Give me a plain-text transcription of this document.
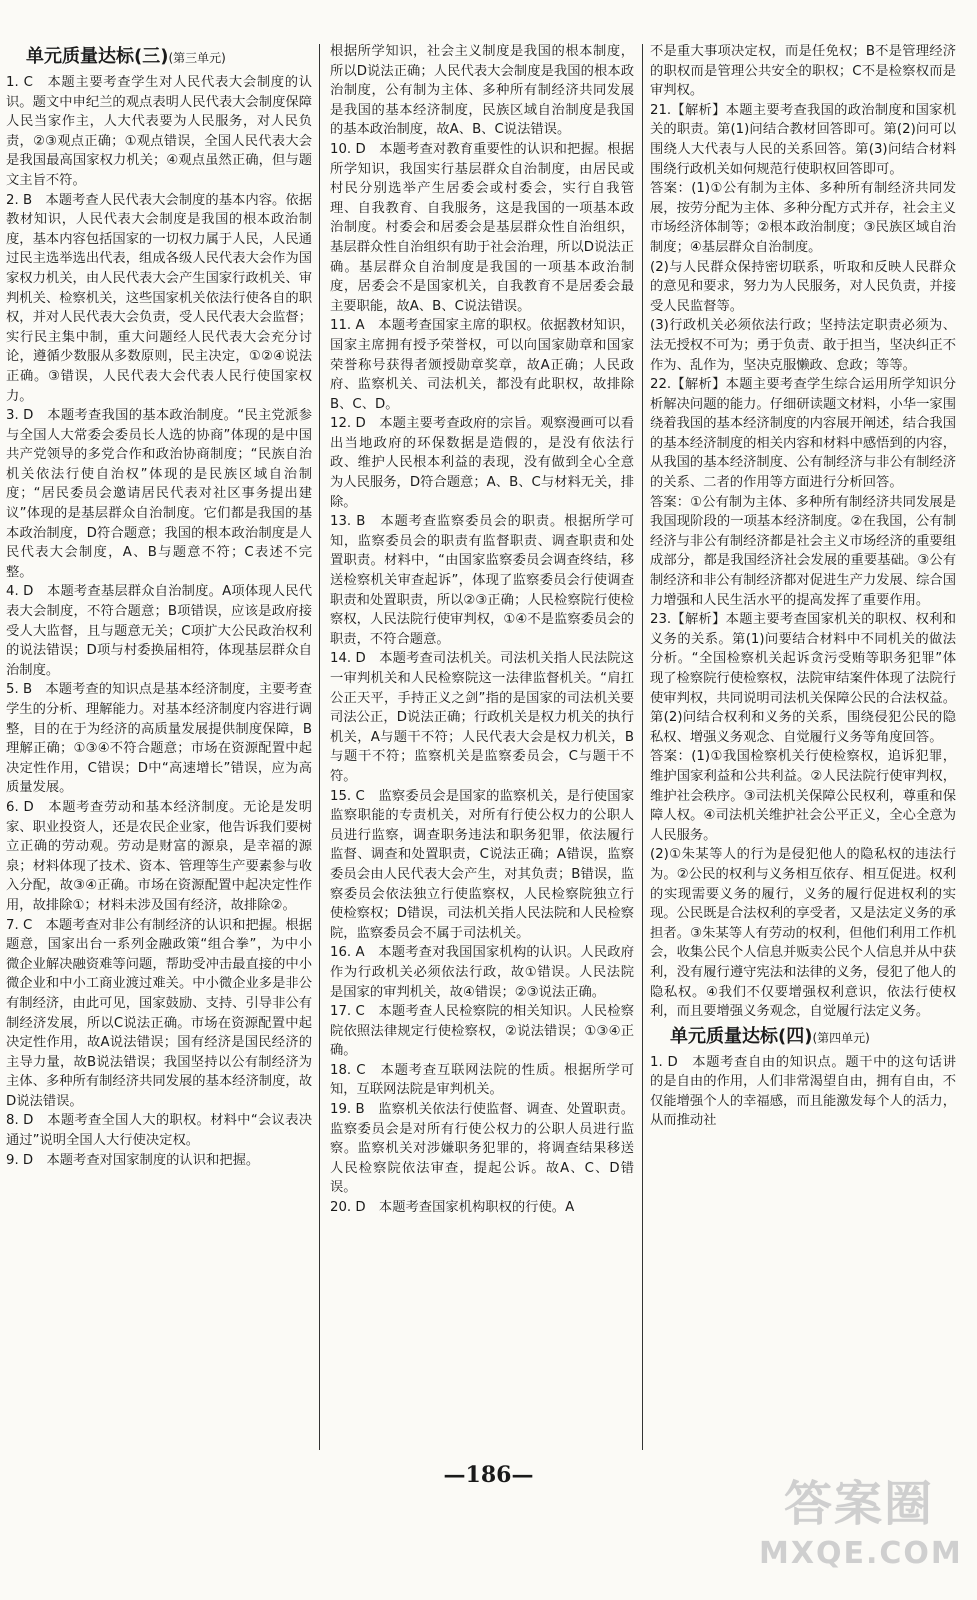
单元质量达标(三)(第三单元)

1. C　本题主要考查学生对人民代表大会制度的认识。题文中申纪兰的观点表明人民代表大会制度保障人民当家作主，人大代表要为人民服务，对人民负责，②③观点正确；①观点错误，全国人民代表大会是我国最高国家权力机关；④观点虽然正确，但与题文主旨不符。

2. B　本题考查人民代表大会制度的基本内容。依据教材知识，人民代表大会制度是我国的根本政治制度，基本内容包括国家的一切权力属于人民，人民通过民主选举选出代表，组成各级人民代表大会作为国家权力机关，由人民代表大会产生国家行政机关、审判机关、检察机关，这些国家机关依法行使各自的职权，并对人民代表大会负责，受人民代表大会监督；实行民主集中制，重大问题经人民代表大会充分讨论，遵循少数服从多数原则，民主决定，①②④说法正确。③错误，人民代表大会代表人民行使国家权力。

3. D　本题考查我国的基本政治制度。“民主党派参与全国人大常委会委员长人选的协商”体现的是中国共产党领导的多党合作和政治协商制度；“民族自治机关依法行使自治权”体现的是民族区域自治制度；“居民委员会邀请居民代表对社区事务提出建议”体现的是基层群众自治制度。它们都是我国的基本政治制度，D符合题意；我国的根本政治制度是人民代表大会制度，A、B与题意不符；C表述不完整。

4. D　本题考查基层群众自治制度。A项体现人民代表大会制度，不符合题意；B项错误，应该是政府接受人大监督，且与题意无关；C项扩大公民政治权利的说法错误；D项与村委换届相符，体现基层群众自治制度。

5. B　本题考查的知识点是基本经济制度，主要考查学生的分析、理解能力。对基本经济制度内容进行调整，目的在于为经济的高质量发展提供制度保障，B理解正确；①③④不符合题意；市场在资源配置中起决定性作用，C错误；D中“高速增长”错误，应为高质量发展。

6. D　本题考查劳动和基本经济制度。无论是发明家、职业投资人，还是农民企业家，他告诉我们要树立正确的劳动观。劳动是财富的源泉，是幸福的源泉；材料体现了技术、资本、管理等生产要素参与收入分配，故③④正确。市场在资源配置中起决定性作用，故排除①；材料未涉及国有经济，故排除②。

7. C　本题考查对非公有制经济的认识和把握。根据题意，国家出台一系列金融政策“组合拳”，为中小微企业解决融资难等问题，帮助受冲击最直接的中小微企业和中小工商业渡过难关。中小微企业多是非公有制经济，由此可见，国家鼓励、支持、引导非公有制经济发展，所以C说法正确。市场在资源配置中起决定性作用，故A说法错误；国有经济是国民经济的主导力量，故B说法错误；我国坚持以公有制经济为主体、多种所有制经济共同发展的基本经济制度，故D说法错误。

8. D　本题考查全国人大的职权。材料中“会议表决通过”说明全国人大行使决定权。

9. D　本题考查对国家制度的认识和把握。

根据所学知识，社会主义制度是我国的根本制度，所以D说法正确；人民代表大会制度是我国的根本政治制度，公有制为主体、多种所有制经济共同发展是我国的基本经济制度，民族区域自治制度是我国的基本政治制度，故A、B、C说法错误。

10. D　本题考查对教育重要性的认识和把握。根据所学知识，我国实行基层群众自治制度，由居民或村民分别选举产生居委会或村委会，实行自我管理、自我教育、自我服务，这是我国的一项基本政治制度。村委会和居委会是基层群众性自治组织，基层群众性自治组织有助于社会治理，所以D说法正确。基层群众自治制度是我国的一项基本政治制度，居委会不是国家机关，自我教育不是居委会最主要职能，故A、B、C说法错误。

11. A　本题考查国家主席的职权。依据教材知识，国家主席拥有授予荣誉权，可以向国家勋章和国家荣誉称号获得者颁授勋章奖章，故A正确；人民政府、监察机关、司法机关，都没有此职权，故排除B、C、D。

12. D　本题主要考查政府的宗旨。观察漫画可以看出当地政府的环保数据是造假的，是没有依法行政、维护人民根本利益的表现，没有做到全心全意为人民服务，D符合题意；A、B、C与材料无关，排除。

13. B　本题考查监察委员会的职责。根据所学可知，监察委员会的职责有监督职责、调查职责和处置职责。材料中，“由国家监察委员会调查终结，移送检察机关审查起诉”，体现了监察委员会行使调查职责和处置职责，所以②③正确；人民检察院行使检察权，人民法院行使审判权，①④不是监察委员会的职责，不符合题意。

14. D　本题考查司法机关。司法机关指人民法院这一审判机关和人民检察院这一法律监督机关。“肩扛公正天平，手持正义之剑”指的是国家的司法机关要司法公正，D说法正确；行政机关是权力机关的执行机关，A与题干不符；人民代表大会是权力机关，B与题干不符；监察机关是监察委员会，C与题干不符。

15. C　监察委员会是国家的监察机关，是行使国家监察职能的专责机关，对所有行使公权力的公职人员进行监察，调查职务违法和职务犯罪，依法履行监督、调查和处置职责，C说法正确；A错误，监察委员会由人民代表大会产生，对其负责；B错误，监察委员会依法独立行使监察权，人民检察院独立行使检察权；D错误，司法机关指人民法院和人民检察院，监察委员会不属于司法机关。

16. A　本题考查对我国国家机构的认识。人民政府作为行政机关必须依法行政，故①错误。人民法院是国家的审判机关，故④错误；②③说法正确。

17. C　本题考查人民检察院的相关知识。人民检察院依照法律规定行使检察权，②说法错误；①③④正确。

18. C　本题考查互联网法院的性质。根据所学可知，互联网法院是审判机关。

19. B　监察机关依法行使监督、调查、处置职责。监察委员会是对所有行使公权力的公职人员进行监察。监察机关对涉嫌职务犯罪的，将调查结果移送人民检察院依法审查，提起公诉。故A、C、D错误。

20. D　本题考查国家机构职权的行使。A

不是重大事项决定权，而是任免权；B不是管理经济的职权而是管理公共安全的职权；C不是检察权而是审判权。

21.【解析】本题主要考查我国的政治制度和国家机关的职责。第(1)问结合教材回答即可。第(2)问可以围绕人大代表与人民的关系回答。第(3)问结合材料围绕行政机关如何规范行使职权回答即可。

答案：(1)①公有制为主体、多种所有制经济共同发展，按劳分配为主体、多种分配方式并存，社会主义市场经济体制等；②根本政治制度；③民族区域自治制度；④基层群众自治制度。

(2)与人民群众保持密切联系，听取和反映人民群众的意见和要求，努力为人民服务，对人民负责，并接受人民监督等。

(3)行政机关必须依法行政；坚持法定职责必须为、法无授权不可为；勇于负责、敢于担当，坚决纠正不作为、乱作为，坚决克服懒政、怠政；等等。

22.【解析】本题主要考查学生综合运用所学知识分析解决问题的能力。仔细研读题文材料，小华一家围绕着我国的基本经济制度的内容展开阐述，结合我国的基本经济制度的相关内容和材料中感悟到的内容，从我国的基本经济制度、公有制经济与非公有制经济的关系、二者的作用等方面进行分析回答。

答案：①公有制为主体、多种所有制经济共同发展是我国现阶段的一项基本经济制度。②在我国，公有制经济与非公有制经济都是社会主义市场经济的重要组成部分，都是我国经济社会发展的重要基础。③公有制经济和非公有制经济都对促进生产力发展、综合国力增强和人民生活水平的提高发挥了重要作用。

23.【解析】本题主要考查国家机关的职权、权利和义务的关系。第(1)问要结合材料中不同机关的做法分析。“全国检察机关起诉贪污受贿等职务犯罪”体现了检察院行使检察权，法院审结案件体现了法院行使审判权，共同说明司法机关保障公民的合法权益。第(2)问结合权利和义务的关系，围绕侵犯公民的隐私权、增强义务观念、自觉履行义务等角度回答。

答案：(1)①我国检察机关行使检察权，追诉犯罪，维护国家利益和公共利益。②人民法院行使审判权，维护社会秩序。③司法机关保障公民权利，尊重和保障人权。④司法机关维护社会公平正义，全心全意为人民服务。

(2)①朱某等人的行为是侵犯他人的隐私权的违法行为。②公民的权利与义务相互依存、相互促进。权利的实现需要义务的履行，义务的履行促进权利的实现。公民既是合法权利的享受者，又是法定义务的承担者。③朱某等人有劳动的权利，但他们利用工作机会，收集公民个人信息并贩卖公民个人信息并从中获利，没有履行遵守宪法和法律的义务，侵犯了他人的隐私权。④我们不仅要增强权利意识，依法行使权利，而且要增强义务观念，自觉履行法定义务。

单元质量达标(四)(第四单元)

1. D　本题考查自由的知识点。题干中的这句话讲的是自由的作用，人们非常渴望自由，拥有自由，不仅能增强个人的幸福感，而且能激发每个人的活力，从而推动社

—186—
答案圈
MXQE.COM
